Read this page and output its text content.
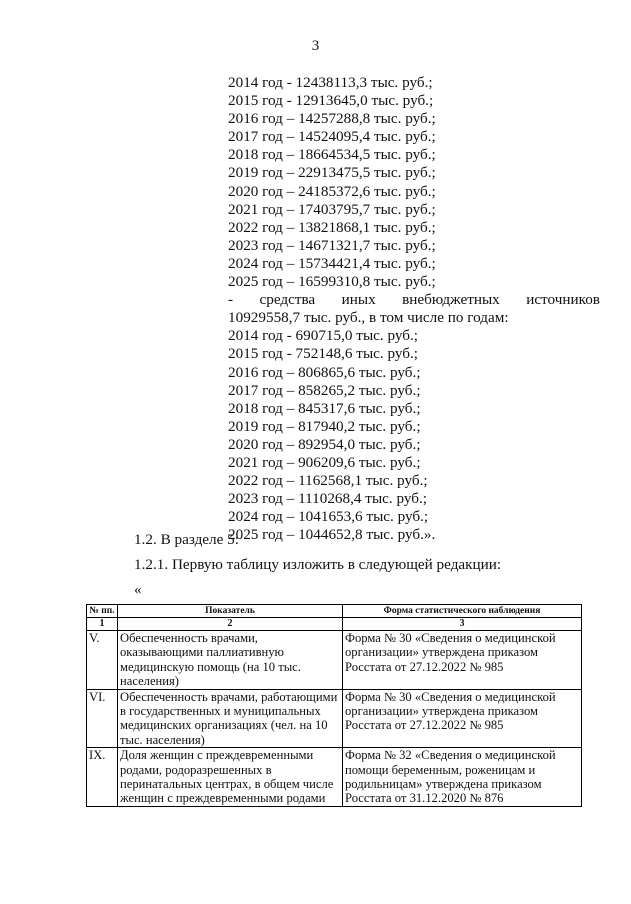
3
2014 год - 12438113,3 тыс. руб.;
2015 год - 12913645,0 тыс. руб.;
2016 год – 14257288,8 тыс. руб.;
2017 год – 14524095,4 тыс. руб.;
2018 год – 18664534,5 тыс. руб.;
2019 год – 22913475,5 тыс. руб.;
2020 год – 24185372,6 тыс. руб.;
2021 год – 17403795,7 тыс. руб.;
2022 год – 13821868,1 тыс. руб.;
2023 год – 14671321,7 тыс. руб.;
2024 год – 15734421,4 тыс. руб.;
2025 год – 16599310,8 тыс. руб.;
- средства иных внебюджетных источников
10929558,7 тыс. руб., в том числе по годам:
2014 год - 690715,0 тыс. руб.;
2015 год - 752148,6 тыс. руб.;
2016 год – 806865,6 тыс. руб.;
2017 год – 858265,2 тыс. руб.;
2018 год – 845317,6 тыс. руб.;
2019 год – 817940,2 тыс. руб.;
2020 год – 892954,0 тыс. руб.;
2021 год – 906209,6 тыс. руб.;
2022 год – 1162568,1 тыс. руб.;
2023 год – 1110268,4 тыс. руб.;
2024 год – 1041653,6 тыс. руб.;
2025 год – 1044652,8 тыс. руб.».
1.2. В разделе 5:
1.2.1. Первую таблицу изложить в следующей редакции:
«
№ пп.	Показатель	Форма статистического наблюдения
1	2	3
V.	Обеспеченность врачами, оказывающими паллиативную медицинскую помощь (на 10 тыс. населения)	Форма № 30 «Сведения о медицинской организации» утверждена приказом Росстата от 27.12.2022 № 985
VI.	Обеспеченность врачами, работающими в государственных и муниципальных медицинских организациях (чел. на 10 тыс. населения)	Форма № 30 «Сведения о медицинской организации» утверждена приказом Росстата от 27.12.2022 № 985
IX.	Доля женщин с преждевременными родами, родоразрешенных в перинатальных центрах, в общем числе женщин с преждевременными родами	Форма № 32 «Сведения о медицинской помощи беременным, роженицам и родильницам» утверждена приказом Росстата от 31.12.2020 № 876
